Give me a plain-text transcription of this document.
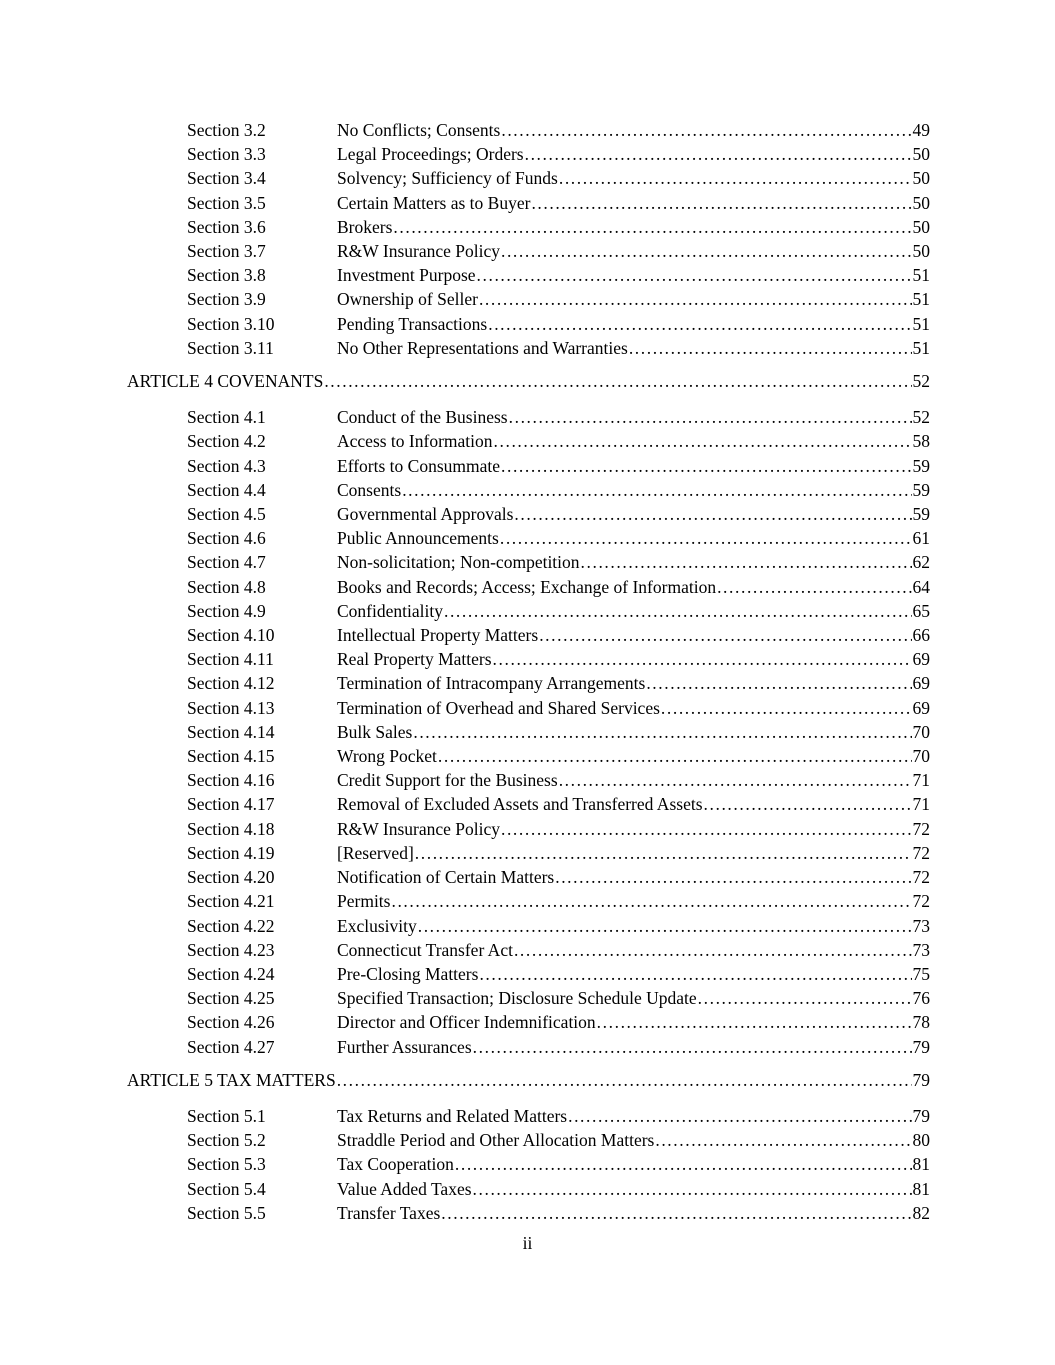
Section 3.2	No Conflicts; Consents .....	49
Section 3.3	Legal Proceedings; Orders .....	50
Section 3.4	Solvency; Sufficiency of Funds .....	50
Section 3.5	Certain Matters as to Buyer .....	50
Section 3.6	Brokers .....	50
Section 3.7	R&W Insurance Policy .....	50
Section 3.8	Investment Purpose .....	51
Section 3.9	Ownership of Seller .....	51
Section 3.10	Pending Transactions .....	51
Section 3.11	No Other Representations and Warranties .....	51
ARTICLE 4 COVENANTS .....	52
Section 4.1	Conduct of the Business .....	52
Section 4.2	Access to Information .....	58
Section 4.3	Efforts to Consummate .....	59
Section 4.4	Consents .....	59
Section 4.5	Governmental Approvals .....	59
Section 4.6	Public Announcements .....	61
Section 4.7	Non-solicitation; Non-competition .....	62
Section 4.8	Books and Records; Access; Exchange of Information .....	64
Section 4.9	Confidentiality .....	65
Section 4.10	Intellectual Property Matters .....	66
Section 4.11	Real Property Matters .....	69
Section 4.12	Termination of Intracompany Arrangements .....	69
Section 4.13	Termination of Overhead and Shared Services .....	69
Section 4.14	Bulk Sales .....	70
Section 4.15	Wrong Pocket .....	70
Section 4.16	Credit Support for the Business .....	71
Section 4.17	Removal of Excluded Assets and Transferred Assets .....	71
Section 4.18	R&W Insurance Policy .....	72
Section 4.19	[Reserved] .....	72
Section 4.20	Notification of Certain Matters .....	72
Section 4.21	Permits .....	72
Section 4.22	Exclusivity .....	73
Section 4.23	Connecticut Transfer Act .....	73
Section 4.24	Pre-Closing Matters .....	75
Section 4.25	Specified Transaction; Disclosure Schedule Update .....	76
Section 4.26	Director and Officer Indemnification .....	78
Section 4.27	Further Assurances .....	79
ARTICLE 5 TAX MATTERS .....	79
Section 5.1	Tax Returns and Related Matters .....	79
Section 5.2	Straddle Period and Other Allocation Matters .....	80
Section 5.3	Tax Cooperation .....	81
Section 5.4	Value Added Taxes .....	81
Section 5.5	Transfer Taxes .....	82
ii
